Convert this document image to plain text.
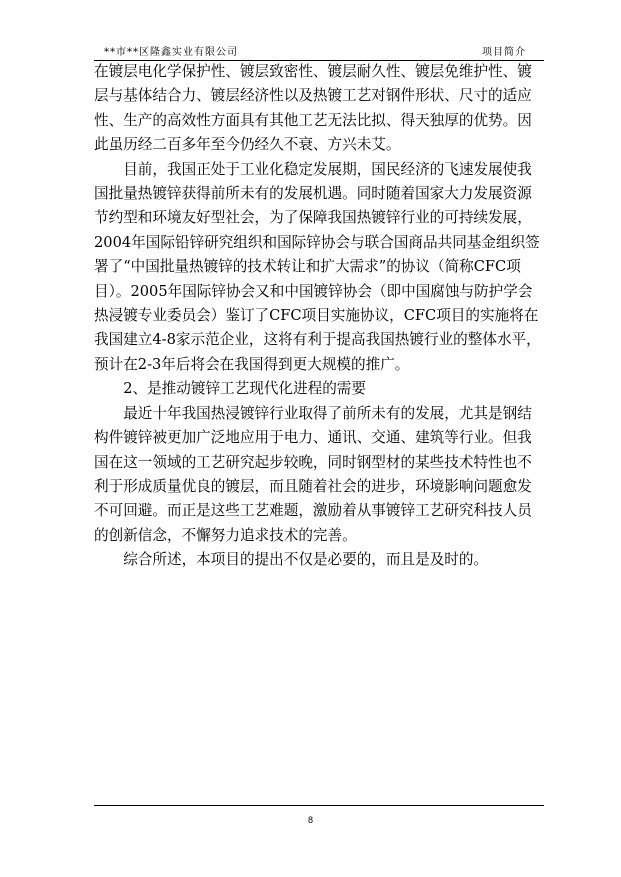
**市**区隆鑫实业有限公司	项目简介

在镀层电化学保护性、镀层致密性、镀层耐久性、镀层免维护性、镀层与基体结合力、镀层经济性以及热镀工艺对钢件形状、尺寸的适应性、生产的高效性方面具有其他工艺无法比拟、得天独厚的优势。因此虽历经二百多年至今仍经久不衰、方兴未艾。

目前，我国正处于工业化稳定发展期，国民经济的飞速发展使我国批量热镀锌获得前所未有的发展机遇。同时随着国家大力发展资源节约型和环境友好型社会，为了保障我国热镀锌行业的可持续发展，2004年国际铅锌研究组织和国际锌协会与联合国商品共同基金组织签署了“中国批量热镀锌的技术转让和扩大需求”的协议（简称CFC项目）。2005年国际锌协会又和中国镀锌协会（即中国腐蚀与防护学会热浸镀专业委员会）鉴订了CFC项目实施协议，CFC项目的实施将在我国建立4-8家示范企业，这将有利于提高我国热镀行业的整体水平，预计在2-3年后将会在我国得到更大规模的推广。

2、是推动镀锌工艺现代化进程的需要

最近十年我国热浸镀锌行业取得了前所未有的发展，尤其是钢结构件镀锌被更加广泛地应用于电力、通讯、交通、建筑等行业。但我国在这一领域的工艺研究起步较晚，同时钢型材的某些技术特性也不利于形成质量优良的镀层，而且随着社会的进步，环境影响问题愈发不可回避。而正是这些工艺难题，激励着从事镀锌工艺研究科技人员的创新信念，不懈努力追求技术的完善。

综合所述，本项目的提出不仅是必要的，而且是及时的。

8
